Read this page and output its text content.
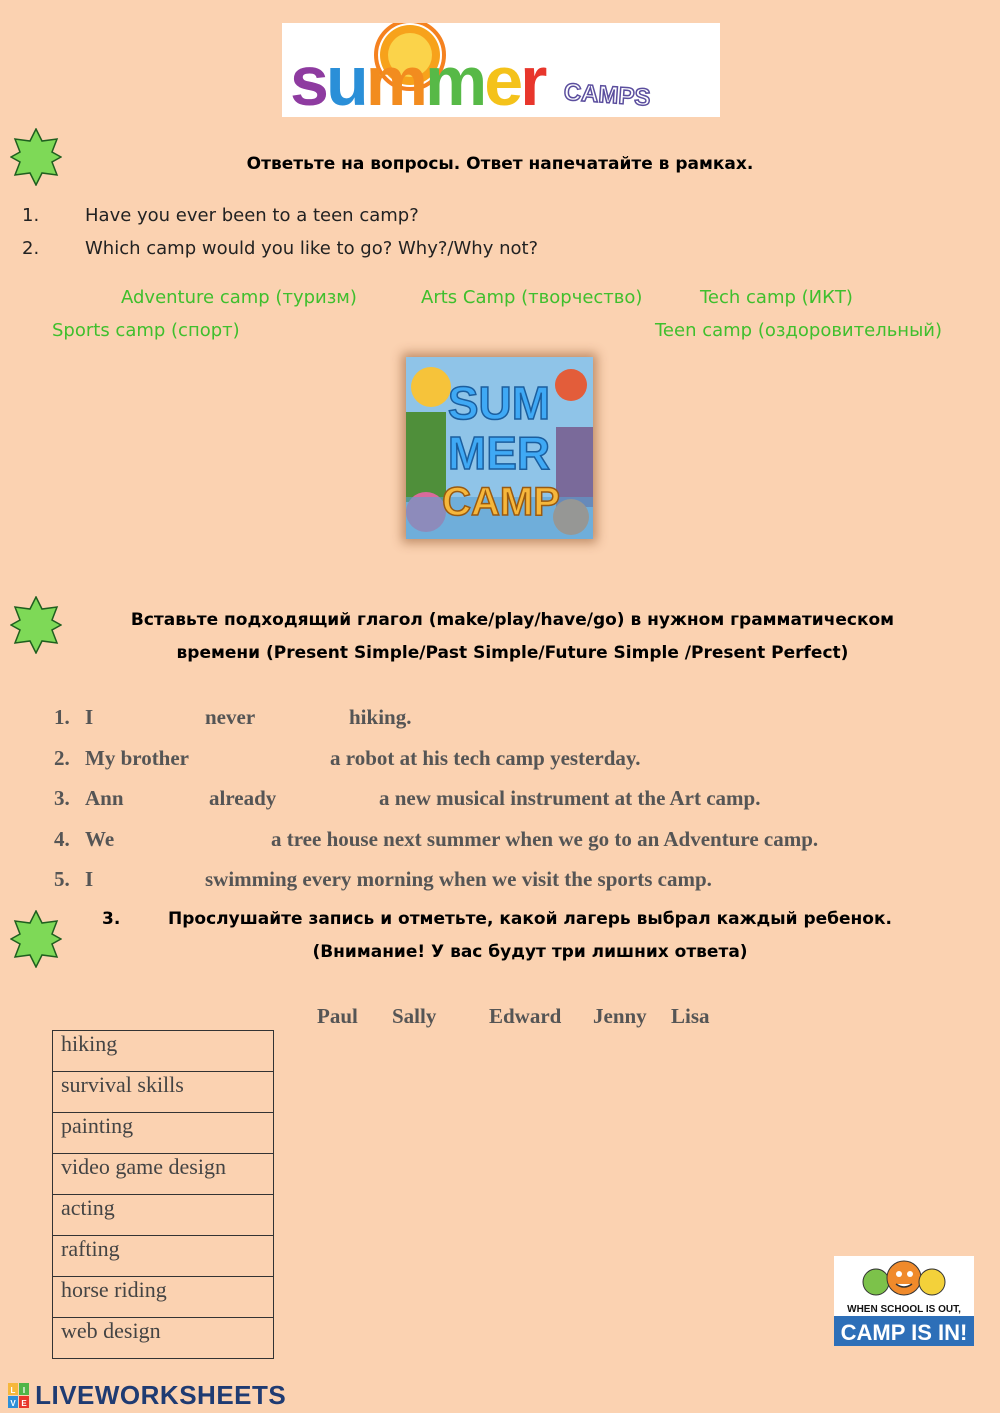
summer CAMPS
Ответьте на вопросы. Ответ напечатайте в рамках.
1.	Have you ever been to a teen camp?
2.	Which camp would you like to go? Why?/Why not?
Adventure camp (туризм)	Arts Camp (творчество)	Tech camp (ИКТ)
Sports camp (спорт)	Teen camp (оздоровительный)
SUM
MER
CAMP
Вставьте подходящий глагол (make/play/have/go) в нужном грамматическом
времени (Present Simple/Past Simple/Future Simple /Present Perfect)
1. I	never	hiking.
2. My brother	a robot at his tech camp yesterday.
3. Ann	already	a new musical instrument at the Art camp.
4. We	a tree house next summer when we go to an Adventure camp.
5. I	swimming every morning when we visit the sports camp.
3.	Прослушайте запись и отметьте, какой лагерь выбрал каждый ребенок.
(Внимание! У вас будут три лишних ответа)
Paul Sally	Edward Jenny Lisa
hiking
survival skills
painting
video game design
acting
rafting
horse riding
web design
WHEN SCHOOL IS OUT,
CAMP IS IN!
L I
V E LIVEWORKSHEETS
